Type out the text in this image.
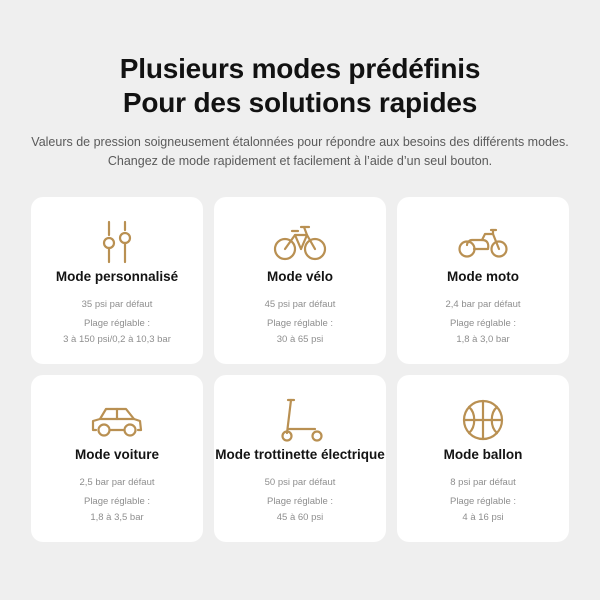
Plusieurs modes prédéfinis
Pour des solutions rapides

Valeurs de pression soigneusement étalonnées pour répondre aux besoins des différents modes.
Changez de mode rapidement et facilement à l’aide d’un seul bouton.

Mode personnalisé
35 psi par défaut
Plage réglable :
3 à 150 psi/0,2 à 10,3 bar
Mode vélo
45 psi par défaut
Plage réglable :
30 à 65 psi
Mode moto
2,4 bar par défaut
Plage réglable :
1,8 à 3,0 bar
Mode voiture
2,5 bar par défaut
Plage réglable :
1,8 à 3,5 bar
Mode trottinette électrique
50 psi par défaut
Plage réglable :
45 à 60 psi
Mode ballon
8 psi par défaut
Plage réglable :
4 à 16 psi
